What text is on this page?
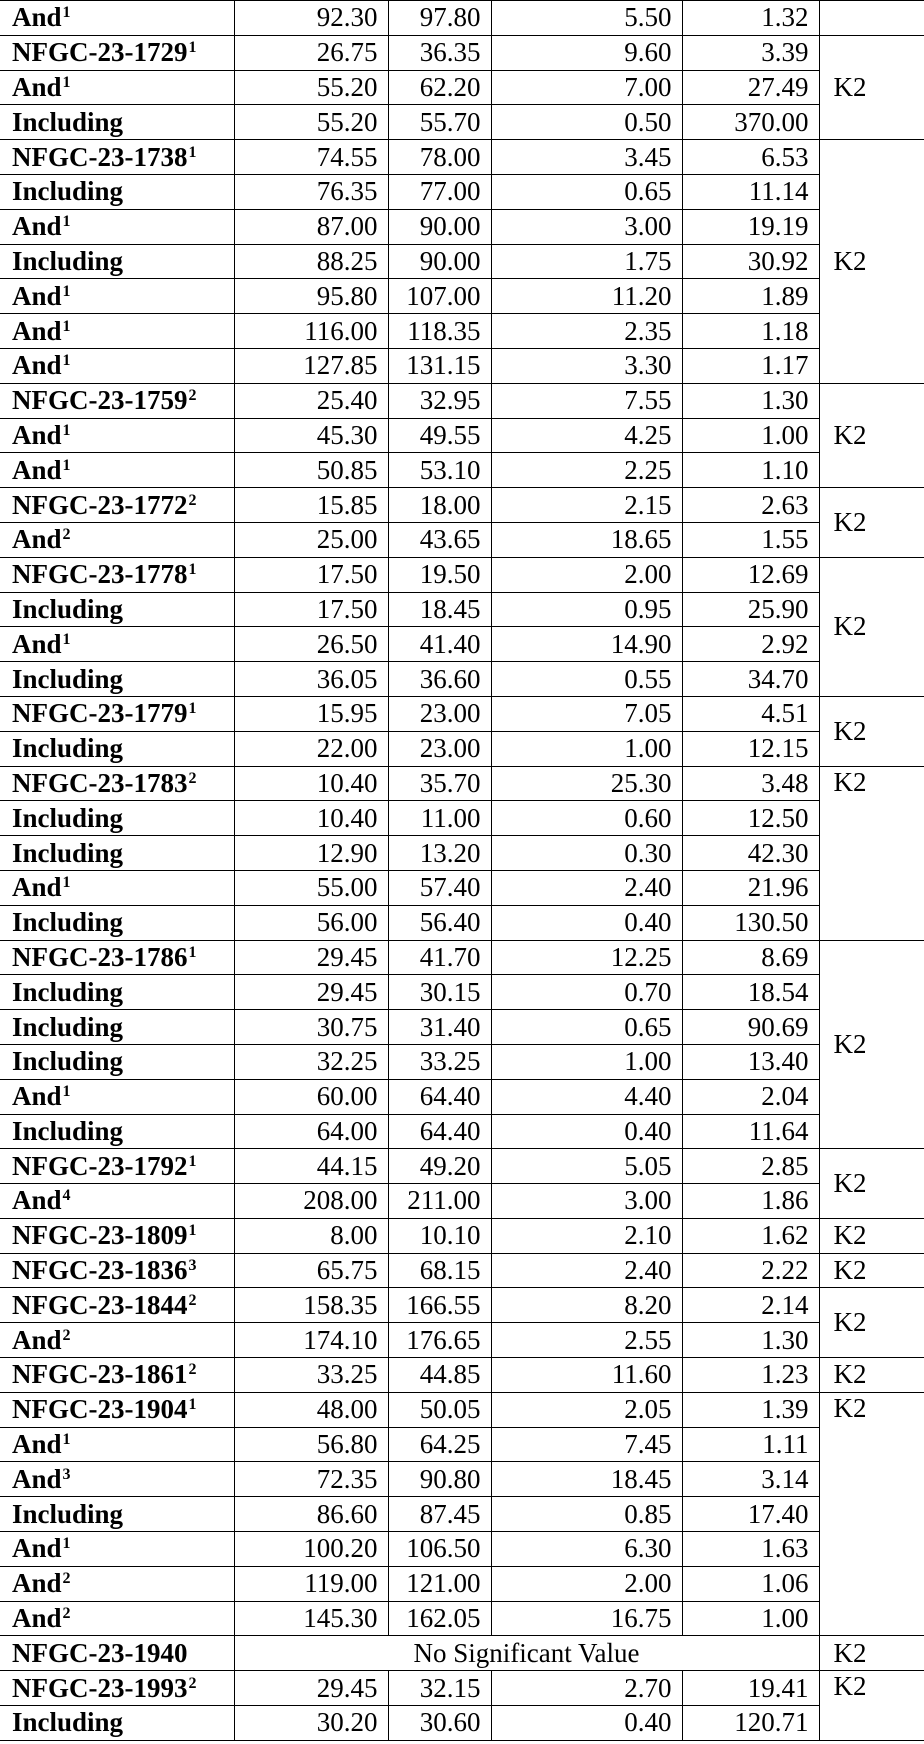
And$^1$	92.30	97.80	5.50	1.32	
NFGC-23-1729$^1$	26.75	36.35	9.60	3.39	K2
And$^1$	55.20	62.20	7.00	27.49	
Including	55.20	55.70	0.50	370.00	
NFGC-23-1738$^1$	74.55	78.00	3.45	6.53	K2
Including	76.35	77.00	0.65	11.14	
And$^1$	87.00	90.00	3.00	19.19	
Including	88.25	90.00	1.75	30.92	
And$^1$	95.80	107.00	11.20	1.89	
And$^1$	116.00	118.35	2.35	1.18	
And$^1$	127.85	131.15	3.30	1.17	
NFGC-23-1759$^2$	25.40	32.95	7.55	1.30	K2
And$^1$	45.30	49.55	4.25	1.00	
And$^1$	50.85	53.10	2.25	1.10	
NFGC-23-1772$^2$	15.85	18.00	2.15	2.63	K2
And$^2$	25.00	43.65	18.65	1.55	
NFGC-23-1778$^1$	17.50	19.50	2.00	12.69	K2
Including	17.50	18.45	0.95	25.90	
And$^1$	26.50	41.40	14.90	2.92	
Including	36.05	36.60	0.55	34.70	
NFGC-23-1779$^1$	15.95	23.00	7.05	4.51	K2
Including	22.00	23.00	1.00	12.15	
NFGC-23-1783$^2$	10.40	35.70	25.30	3.48	K2
Including	10.40	11.00	0.60	12.50	
Including	12.90	13.20	0.30	42.30	
And$^1$	55.00	57.40	2.40	21.96	
Including	56.00	56.40	0.40	130.50	
NFGC-23-1786$^1$	29.45	41.70	12.25	8.69	K2
Including	29.45	30.15	0.70	18.54	
Including	30.75	31.40	0.65	90.69	
Including	32.25	33.25	1.00	13.40	
And$^1$	60.00	64.40	4.40	2.04	
Including	64.00	64.40	0.40	11.64	
NFGC-23-1792$^1$	44.15	49.20	5.05	2.85	K2
And$^4$	208.00	211.00	3.00	1.86	
NFGC-23-1809$^1$	8.00	10.10	2.10	1.62	K2
NFGC-23-1836$^3$	65.75	68.15	2.40	2.22	K2
NFGC-23-1844$^2$	158.35	166.55	8.20	2.14	K2
And$^2$	174.10	176.65	2.55	1.30	
NFGC-23-1861$^2$	33.25	44.85	11.60	1.23	K2
NFGC-23-1904$^1$	48.00	50.05	2.05	1.39	K2
And$^1$	56.80	64.25	7.45	1.11	
And$^3$	72.35	90.80	18.45	3.14	
Including	86.60	87.45	0.85	17.40	
And$^1$	100.20	106.50	6.30	1.63	
And$^2$	119.00	121.00	2.00	1.06	
And$^2$	145.30	162.05	16.75	1.00	
NFGC-23-1940	No Significant Value				K2
NFGC-23-1993$^2$	29.45	32.15	2.70	19.41	K2
Including	30.20	30.60	0.40	120.71	
